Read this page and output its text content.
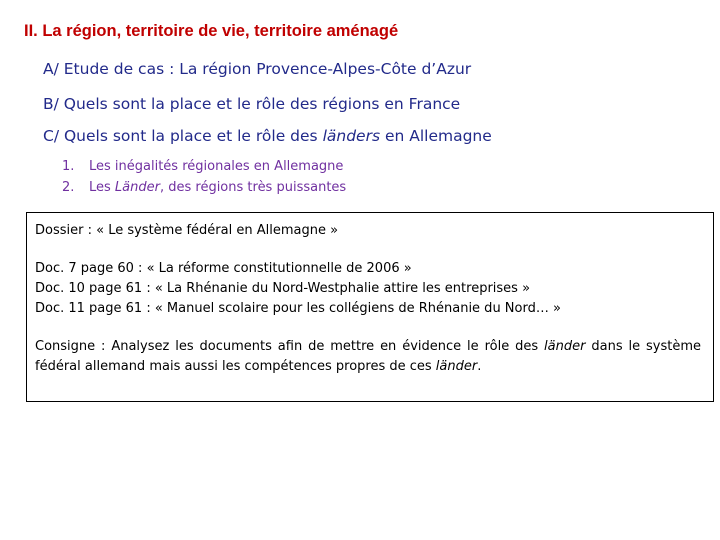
II. La région, territoire de vie, territoire aménagé
A/ Etude de cas : La région Provence-Alpes-Côte d’Azur
B/ Quels sont la place et le rôle des régions en France
C/ Quels sont la place et le rôle des länders en Allemagne
1. Les inégalités régionales en Allemagne
2. Les Länder, des régions très puissantes

Dossier : « Le système fédéral en Allemagne »

Doc. 7 page 60 : « La réforme constitutionnelle de 2006 »

Doc. 10 page 61 : « La Rhénanie du Nord-Westphalie attire les entreprises »

Doc. 11 page 61 : « Manuel scolaire pour les collégiens de Rhénanie du Nord… »

Consigne : Analysez les documents afin de mettre en évidence le rôle des länder dans le système fédéral allemand mais aussi les compétences propres de ces länder.
